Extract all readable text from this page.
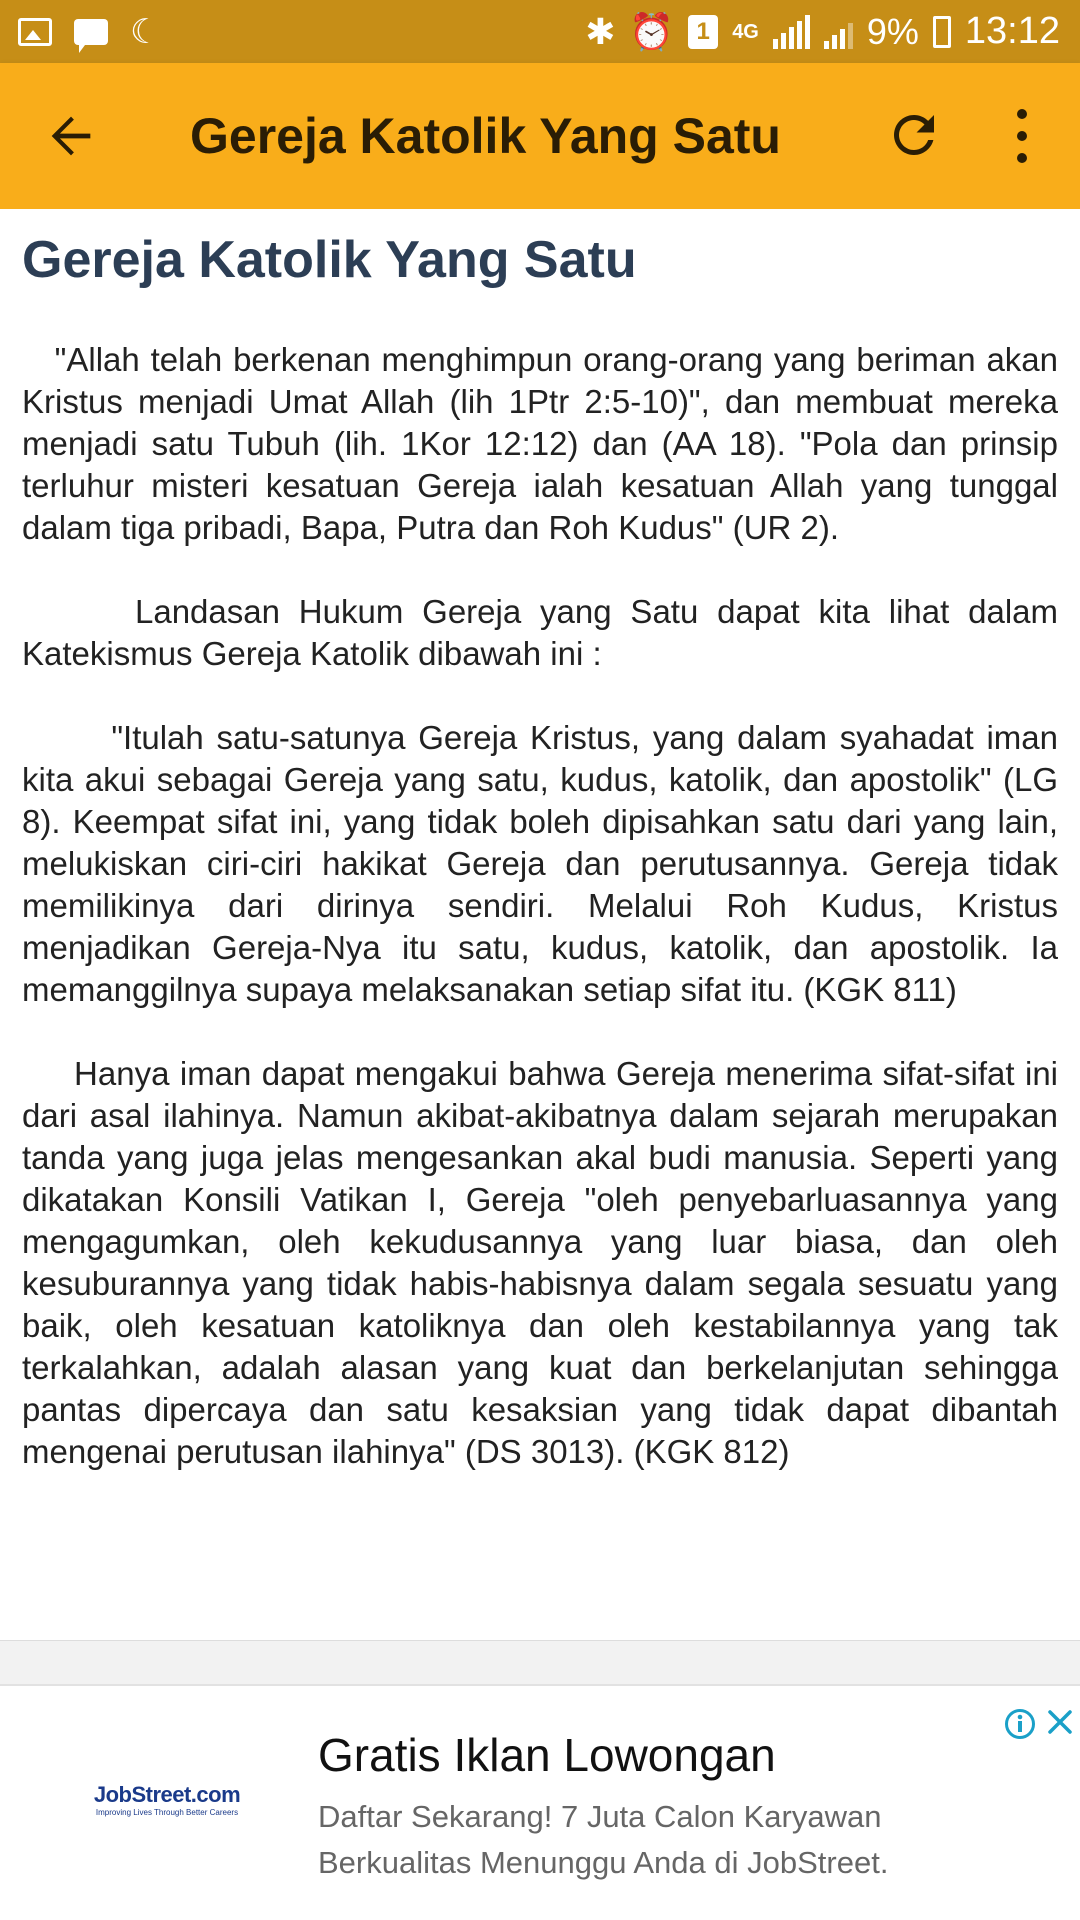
☾	✱ ⏰ 1	4G	9% 13:12
Gereja Katolik Yang Satu
Gereja Katolik Yang Satu

"Allah telah berkenan menghimpun orang-orang yang beriman akan Kristus menjadi Umat Allah (lih 1Ptr 2:5-10)", dan membuat mereka menjadi satu Tubuh (lih. 1Kor 12:12) dan (AA 18). "Pola dan prinsip terluhur misteri kesatuan Gereja ialah kesatuan Allah yang tunggal dalam tiga pribadi, Bapa, Putra dan Roh Kudus" (UR 2).

Landasan Hukum Gereja yang Satu dapat kita lihat dalam Katekismus Gereja Katolik dibawah ini :

"Itulah satu-satunya Gereja Kristus, yang dalam syahadat iman kita akui sebagai Gereja yang satu, kudus, katolik, dan apostolik" (LG 8). Keempat sifat ini, yang tidak boleh dipisahkan satu dari yang lain, melukiskan ciri-ciri hakikat Gereja dan perutusannya. Gereja tidak memilikinya dari dirinya sendiri. Melalui Roh Kudus, Kristus menjadikan Gereja-Nya itu satu, kudus, katolik, dan apostolik. Ia memanggilnya supaya melaksanakan setiap sifat itu. (KGK 811)

Hanya iman dapat mengakui bahwa Gereja menerima sifat-sifat ini dari asal ilahinya. Namun akibat-akibatnya dalam sejarah merupakan tanda yang juga jelas mengesankan akal budi manusia. Seperti yang dikatakan Konsili Vatikan I, Gereja "oleh penyebarluasannya yang mengagumkan, oleh kekudusannya yang luar biasa, dan oleh kesuburannya yang tidak habis-habisnya dalam segala sesuatu yang baik, oleh kesatuan katoliknya dan oleh kestabilannya yang tak terkalahkan, adalah alasan yang kuat dan berkelanjutan sehingga pantas dipercaya dan satu kesaksian yang tidak dapat dibantah mengenai perutusan ilahinya" (DS 3013). (KGK 812)

JobStreet.com
Improving Lives Through Better Careers
Gratis Iklan Lowongan
Daftar Sekarang! 7 Juta Calon Karyawan Berkualitas Menunggu Anda di JobStreet.
